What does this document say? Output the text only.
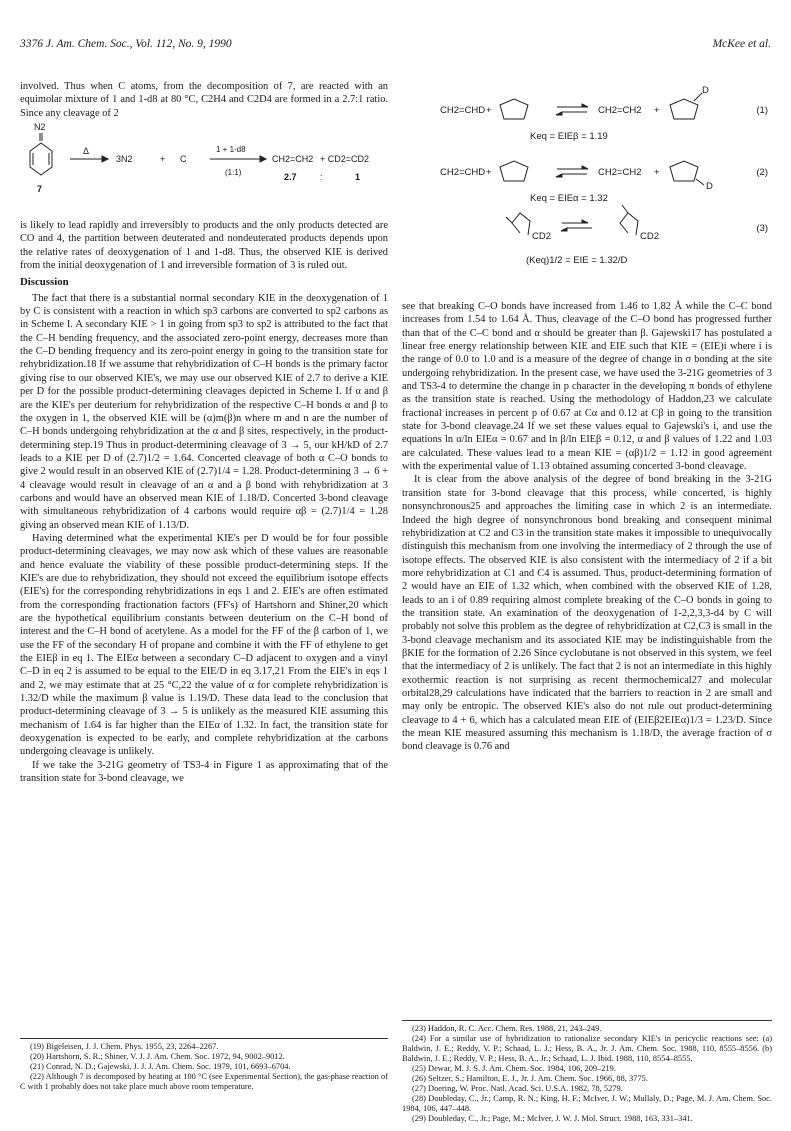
3376 J. Am. Chem. Soc., Vol. 112, No. 9, 1990	McKee et al.

involved. Thus when C atoms, from the decomposition of 7, are reacted with an equimolar mixture of 1 and 1-d8 at 80 °C, C2H4 and C2D4 are formed in a 2.7:1 ratio. Since any cleavage of 2

N2
Δ
3N2	+ C
1 + 1-d8
(1:1)
CH2=CH2 + CD2=CD2
2.7	:	1
7

is likely to lead rapidly and irreversibly to products and the only products detected are CO and 4, the partition between deuterated and nondeuterated products depends upon the relative rates of deoxygenation of 1 and 1-d8. Thus, the observed KIE is derived from the initial deoxygenation of 1 and irreversible formation of 3 is ruled out.

Discussion

The fact that there is a substantial normal secondary KIE in the deoxygenation of 1 by C is consistent with a reaction in which sp3 carbons are converted to sp2 carbons as in Scheme I. A secondary KIE > 1 in going from sp3 to sp2 is attributed to the fact that the C–H bending frequency, and the associated zero-point energy, decreases more than the C–D bending frequency and its zero-point energy in going to the transition state for rehybridization.18 If we assume that rehybridization of C–H bonds is the primary factor giving rise to our observed KIE's, we may use our observed KIE of 2.7 to derive a KIE per D for the possible product-determining cleavages depicted in Scheme I. If α and β are the KIE's per deuterium for rehybridization of the respective C–H bonds α and β to the oxygen in 1, the observed KIE will be (α)m(β)n where m and n are the number of C–H bonds undergoing rehybridization at the α and β sites, respectively, in the product-determining step.19 Thus in product-determining cleavage of 3 → 5, our kH/kD of 2.7 leads to a KIE per D of (2.7)1/2 = 1.64. Concerted cleavage of both α C–O bonds to give 2 would result in an observed KIE of (2.7)1/4 = 1.28. Product-determining 3 → 6 + 4 cleavage would result in cleavage of an α and a β bond with rehybridization at 3 carbons and would have an observed mean KIE of 1.18/D. Concerted 3-bond cleavage with simultaneous rehybridization of 4 carbons would require αβ = (2.7)1/4 = 1.28 giving an observed mean KIE of 1.13/D.

Having determined what the experimental KIE's per D would be for four possible product-determining cleavages, we may now ask which of these values are reasonable and hence evaluate the viability of these possible product-determining steps. If the KIE's are due to rehybridization, they should not exceed the equilibrium isotope effects (EIE's) for the corresponding rehybridizations in eqs 1 and 2. EIE's are often estimated from the corresponding fractionation factors (FF's) of Hartshorn and Shiner,20 which are the hypothetical equilibrium constants between deuterium on the C–H bond of interest and the C–H bond of acetylene. As a model for the FF of the β carbon of 1, we use the FF of the secondary H of propane and combine it with the FF of ethylene to get the EIEβ in eq 1. The EIEα between a secondary C–D adjacent to oxygen and a vinyl C–D in eq 2 is assumed to be equal to the EIE/D in eq 3.17,21 From the EIE's in eqs 1 and 2, we may estimate that at 25 °C,22 the value of α for complete rehybridization is 1.32/D while the maximum β value is 1.19/D. These data lead to the conclusion that product-determining cleavage of 3 → 5 is unlikely as the measured KIE assuming this mechanism of 1.64 is far higher than the EIEα of 1.32. In fact, the transition state for deoxygenation is expected to be early, and complete rehybridization at the carbons undergoing cleavage is unlikely.

If we take the 3-21G geometry of TS3-4 in Figure 1 as approximating that of the transition state for 3-bond cleavage, we

(19) Bigeleisen, J. J. Chem. Phys. 1955, 23, 2264–2267.

(20) Hartshorn, S. R.; Shiner, V. J. J. Am. Chem. Soc. 1972, 94, 9002–9012.

(21) Conrad, N. D.; Gajewski, J. J. J. Am. Chem. Soc. 1979, 101, 6693–6704.

(22) Although 7 is decomposed by heating at 100 °C (see Experimental Section), the gas-phase reaction of C with 1 probably does not take place much above room temperature.

CH2=CHD +	CH2=CH2 +
D
(1)
Keq = EIEβ = 1.19
CH2=CHD +	CH2=CH2 +
D
(2)
Keq = EIEα = 1.32
CD2	CD2
(3)
(Keq)1/2 = EIE = 1.32/D

see that breaking C–O bonds have increased from 1.46 to 1.82 Å while the C–C bond increases from 1.54 to 1.64 Å. Thus, cleavage of the C–O bond has progressed further than that of the C–C bond and α should be greater than β. Gajewski17 has postulated a linear free energy relationship between KIE and EIE such that KIE = (EIE)i where i is the range of 0.0 to 1.0 and is a measure of the degree of change in σ bonding at the site undergoing rehybridization. In the present case, we have used the 3-21G geometries of 3 and TS3-4 to determine the change in p character in the developing π bonds of ethylene as the transition state is reached. Using the methodology of Haddon,23 we calculate fractional increases in percent p of 0.67 at Cα and 0.12 at Cβ in going to the transition state for 3-bond cleavage.24 If we set these values equal to Gajewski's i, and use the equations ln α/ln EIEα = 0.67 and ln β/ln EIEβ = 0.12, α and β values of 1.22 and 1.03 are calculated. These values lead to a mean KIE = (αβ)1/2 = 1.12 in good agreement with the experimental value of 1.13 obtained assuming concerted 3-bond cleavage.

It is clear from the above analysis of the degree of bond breaking in the 3-21G transition state for 3-bond cleavage that this process, while concerted, is highly nonsynchronous25 and approaches the limiting case in which 2 is an intermediate. Indeed the high degree of nonsynchronous bond breaking and consequent minimal rehybridization at C2 and C3 in the transition state makes it impossible to unequivocally distinguish this mechanism from one involving the intermediacy of 2 through the use of isotope effects. The observed KIE is also consistent with the intermediacy of 2 if a bit more rehybridization at C1 and C4 is assumed. Thus, product-determining formation of 2 would have an EIE of 1.32 which, when combined with the observed KIE of 1.28, leads to an i of 0.89 requiring almost complete breaking of the C–O bonds in going to the transition state. An examination of the deoxygenation of 1-2,2,3,3-d4 by C will probably not solve this problem as the degree of rehybridization at C2,C3 is small in the 3-bond cleavage mechanism and its associated KIE may be indistinguishable from the βKIE for the formation of 2.26 Since cyclobutane is not observed in this system, we feel that the intermediacy of 2 is unlikely. The fact that 2 is not an intermediate in this highly exothermic reaction is not surprising as recent thermochemical27 and molecular orbital28,29 calculations have indicated that the barriers to reaction in 2 are small and may only be entropic. The observed KIE's also do not rule out product-determining cleavage to 4 + 6, which has a calculated mean EIE of (EIEβ2EIEα)1/3 = 1.23/D. Since the mean KIE measured assuming this mechanism is 1.18/D, the average fraction of σ bond cleavage is 0.76 and

(23) Haddon, R. C. Acc. Chem. Res. 1988, 21, 243–249.

(24) For a similar use of hybridization to rationalize secondary KIE's in pericyclic reactions see: (a) Baldwin, J. E.; Reddy, V. P.; Schaad, L. J.; Hess, B. A., Jr. J. Am. Chem. Soc. 1988, 110, 8555–8556. (b) Baldwin, J. E.; Reddy, V. P.; Hess, B. A., Jr.; Schaad, L. J. Ibid. 1988, 110, 8554–8555.

(25) Dewar, M. J. S. J. Am. Chem. Soc. 1984, 106, 209–219.

(26) Seltzer, S.; Hamilton, E. J., Jr. J. Am. Chem. Soc. 1966, 88, 3775.

(27) Doering, W. Proc. Natl. Acad. Sci. U.S.A. 1982, 78, 5279.

(28) Doubleday, C., Jr.; Camp, R. N.; King, H. F.; McIver, J. W.; Mullaly, D.; Page, M. J. Am. Chem. Soc. 1984, 106, 447–448.

(29) Doubleday, C., Jr.; Page, M.; McIver, J. W. J. Mol. Struct. 1988, 163, 331–341.
